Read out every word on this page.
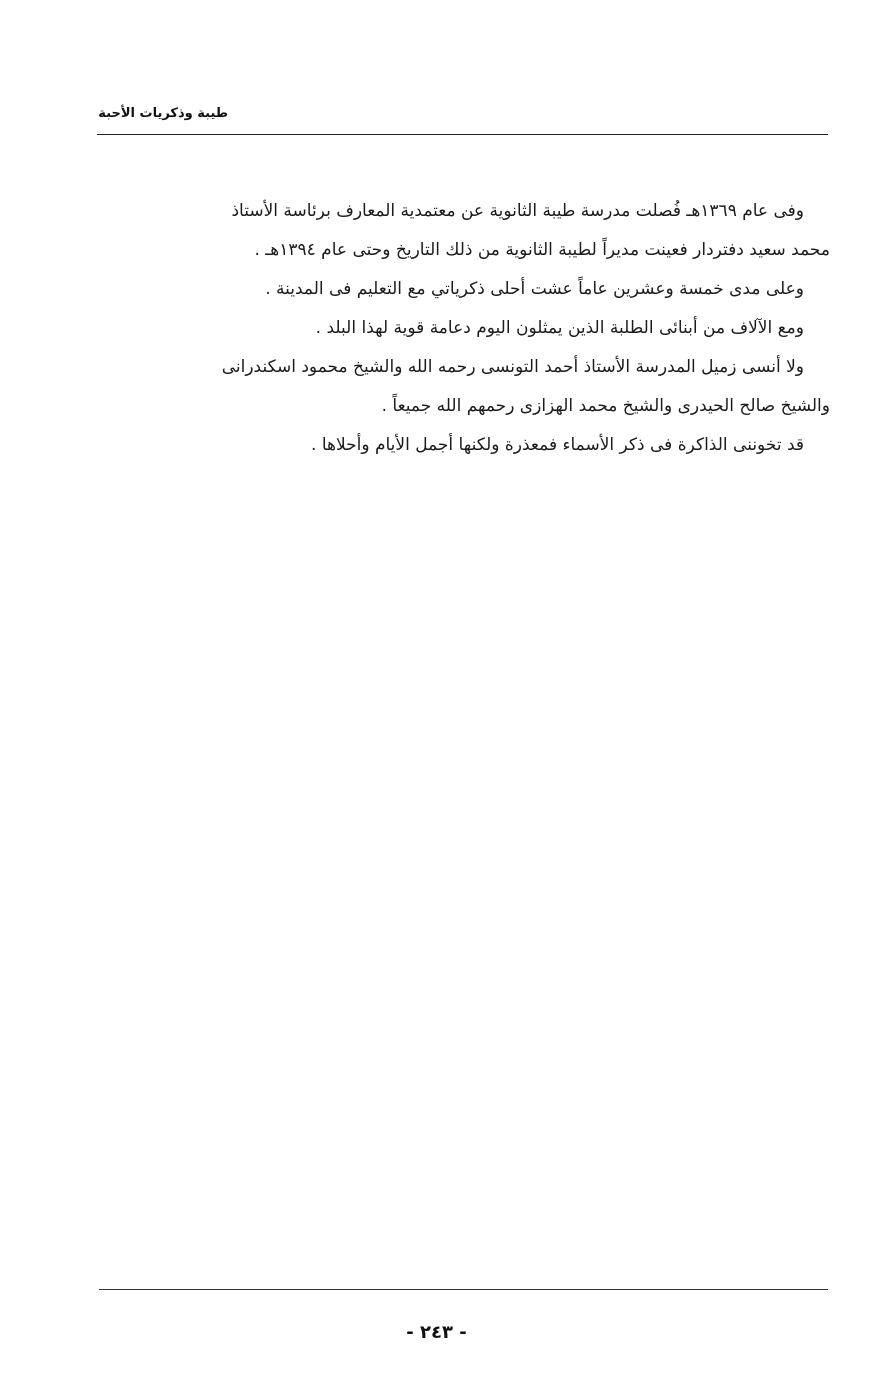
طيبة وذكريات الأحبة

وفى عام ١٣٦٩هـ فُصلت مدرسة طيبة الثانوية عن معتمدية المعارف برئاسة الأستاذ

محمد سعيد دفتردار فعينت مديراً لطيبة الثانوية من ذلك التاريخ وحتى عام ١٣٩٤هـ .

وعلى مدى خمسة وعشرين عاماً عشت أحلى ذكرياتي مع التعليم فى المدينة .

ومع الآلاف من أبنائى الطلبة الذين يمثلون اليوم دعامة قوية لهذا البلد .

ولا أنسى زميل المدرسة الأستاذ أحمد التونسى رحمه الله والشيخ محمود اسكندرانى

والشيخ صالح الحيدرى والشيخ محمد الهزازى رحمهم الله جميعاً .

قد تخوننى الذاكرة فى ذكر الأسماء فمعذرة ولكنها أجمل الأيام وأحلاها .

- ٢٤٣ -
